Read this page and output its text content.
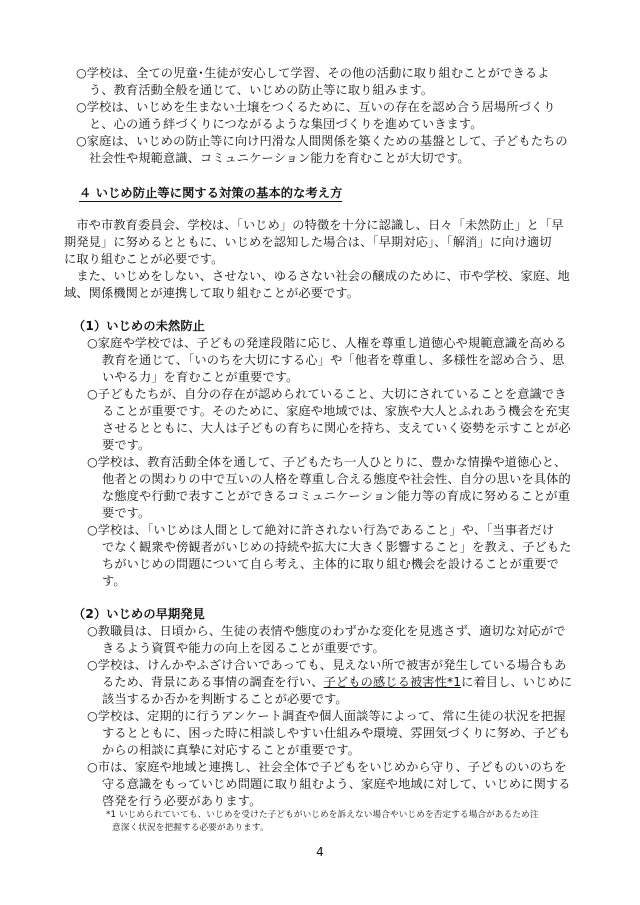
○学校は、全ての児童･生徒が安心して学習、その他の活動に取り組むことができるよ
う、教育活動全般を通じて、いじめの防止等に取り組みます。
○学校は、いじめを生まない土壌をつくるために、互いの存在を認め合う居場所づくり
と、心の通う絆づくりにつながるような集団づくりを進めていきます。
○家庭は、いじめの防止等に向け円滑な人間関係を築くための基盤として、子どもたちの
社会性や規範意識、コミュニケーション能力を育むことが大切です。
４ いじめ防止等に関する対策の基本的な考え方
　市や市教育委員会、学校は、「いじめ」の特徴を十分に認識し、日々「未然防止」と「早
期発見」に努めるとともに、いじめを認知した場合は、「早期対応」、「解消」に向け適切
に取り組むことが必要です。
　また、いじめをしない、させない、ゆるさない社会の醸成のために、市や学校、家庭、地
域、関係機関とが連携して取り組むことが必要です。
（1）いじめの未然防止
○家庭や学校では、子どもの発達段階に応じ、人権を尊重し道徳心や規範意識を高める
教育を通じて、「いのちを大切にする心」や「他者を尊重し、多様性を認め合う、思
いやる力」を育むことが重要です。
○子どもたちが、自分の存在が認められていること、大切にされていることを意識でき
ることが重要です。そのために、家庭や地域では、家族や大人とふれあう機会を充実
させるとともに、大人は子どもの育ちに関心を持ち、支えていく姿勢を示すことが必
要です。
○学校は、教育活動全体を通して、子どもたち一人ひとりに、豊かな情操や道徳心と、
他者との関わりの中で互いの人格を尊重し合える態度や社会性、自分の思いを具体的
な態度や行動で表すことができるコミュニケーション能力等の育成に努めることが重
要です。
○学校は、「いじめは人間として絶対に許されない行為であること」や、「当事者だけ
でなく観衆や傍観者がいじめの持続や拡大に大きく影響すること」を教え、子どもた
ちがいじめの問題について自ら考え、主体的に取り組む機会を設けることが重要で
す。
（2）いじめの早期発見
○教職員は、日頃から、生徒の表情や態度のわずかな変化を見逃さず、適切な対応がで
きるよう資質や能力の向上を図ることが重要です。
○学校は、けんかやふざけ合いであっても、見えない所で被害が発生している場合もあ
るため、背景にある事情の調査を行い、子どもの感じる被害性*1に着目し、いじめに
該当するか否かを判断することが必要です。
○学校は、定期的に行うアンケート調査や個人面談等によって、常に生徒の状況を把握
するとともに、困った時に相談しやすい仕組みや環境、雰囲気づくりに努め、子ども
からの相談に真摯に対応することが重要です。
○市は、家庭や地域と連携し、社会全体で子どもをいじめから守り、子どものいのちを
守る意識をもっていじめ問題に取り組むよう、家庭や地域に対して、いじめに関する
啓発を行う必要があります。
*1 いじめられていても、いじめを受けた子どもがいじめを訴えない場合やいじめを否定する場合があるため注
意深く状況を把握する必要があります。
4
